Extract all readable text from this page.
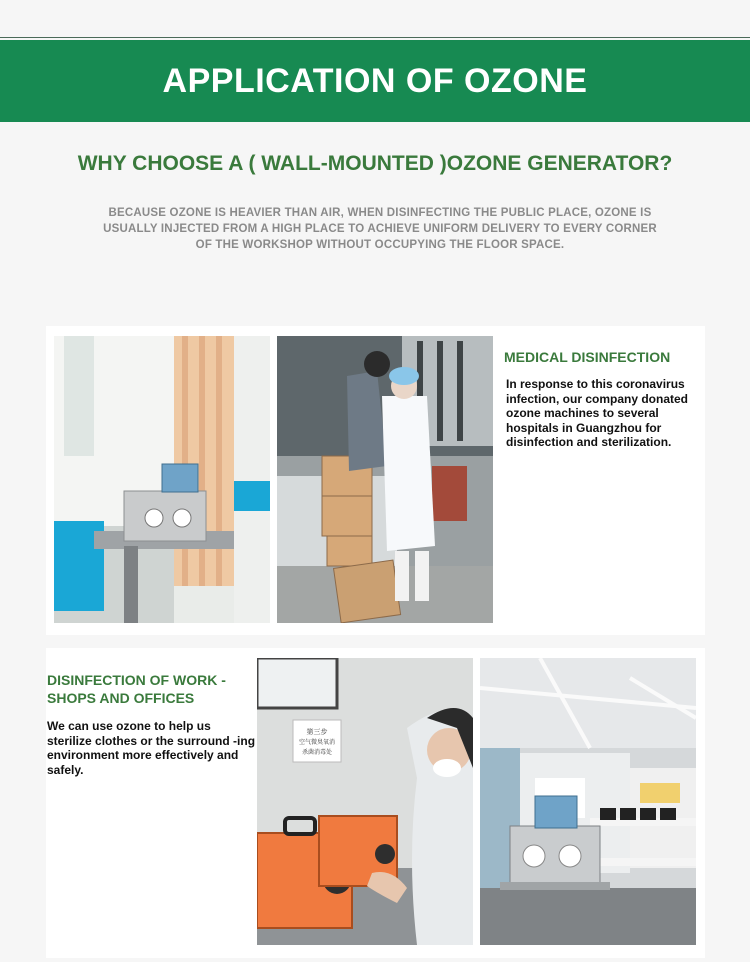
APPLICATION OF OZONE
WHY CHOOSE A ( WALL-MOUNTED )OZONE GENERATOR?

BECAUSE OZONE IS HEAVIER THAN AIR, WHEN DISINFECTING THE PUBLIC PLACE, OZONE IS USUALLY INJECTED FROM A HIGH PLACE TO ACHIEVE UNIFORM DELIVERY TO EVERY CORNER OF THE WORKSHOP WITHOUT OCCUPYING THE FLOOR SPACE.

MEDICAL DISINFECTION

In response to this coronavirus infection, our company donated ozone machines to several hospitals in Guangzhou for disinfection and sterilization.

DISINFECTION OF WORK -SHOPS AND OFFICES

We can use ozone to help us sterilize clothes or the surround -ing environment more effectively and safely.

第三步
空气微臭氧消
杀菌消毒处
